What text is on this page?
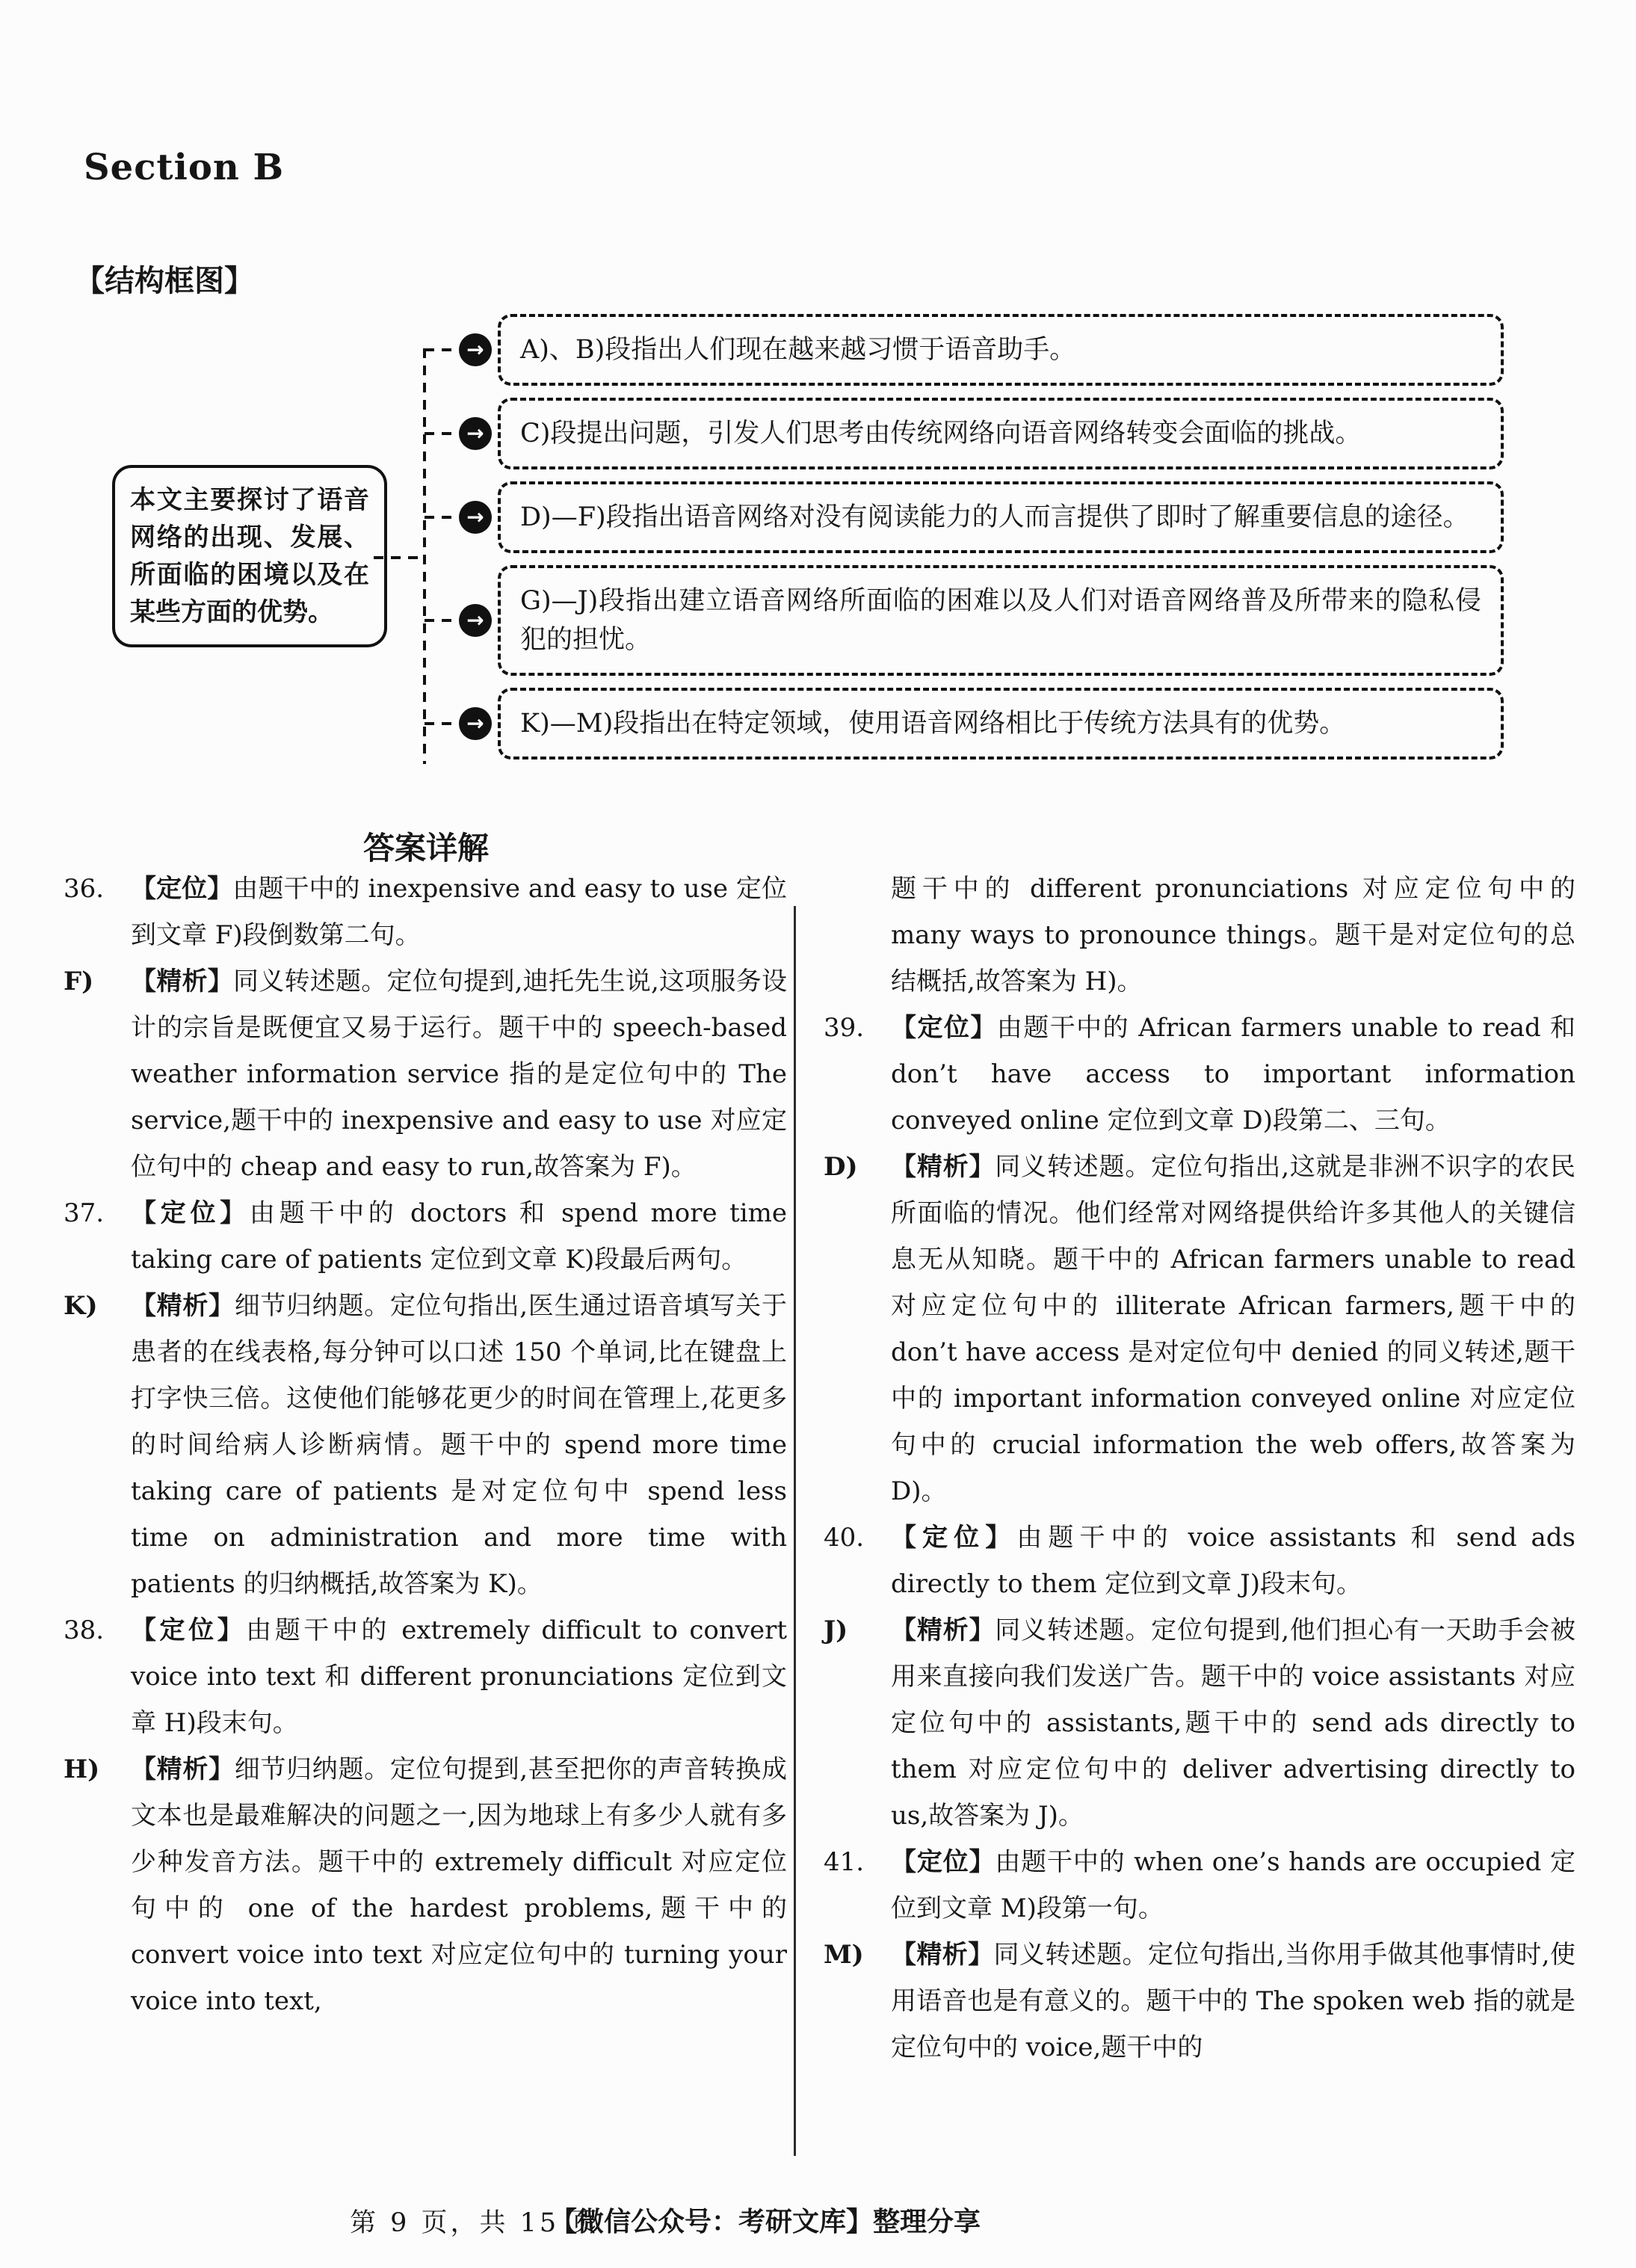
Section B
【结构框图】
本文主要探讨了语音网络的出现、发展、所面临的困境以及在某些方面的优势。
→	A)、B)段指出人们现在越来越习惯于语音助手。
→	C)段提出问题，引发人们思考由传统网络向语音网络转变会面临的挑战。
→	D)—F)段指出语音网络对没有阅读能力的人而言提供了即时了解重要信息的途径。
→
G)—J)段指出建立语音网络所面临的困难以及人们对语音网络普及所带来的隐私侵犯的担忧。
→	K)—M)段指出在特定领域，使用语音网络相比于传统方法具有的优势。
答案详解

36.	【定位】由题干中的 inexpensive and easy to use 定位到文章 F)段倒数第二句。

F)	【精析】同义转述题。定位句提到,迪托先生说,这项服务设计的宗旨是既便宜又易于运行。题干中的 speech-based weather information service 指的是定位句中的 The service,题干中的 inexpensive and easy to use 对应定位句中的 cheap and easy to run,故答案为 F)。

37.	【定位】由题干中的 doctors 和 spend more time taking care of patients 定位到文章 K)段最后两句。

K)	【精析】细节归纳题。定位句指出,医生通过语音填写关于患者的在线表格,每分钟可以口述 150 个单词,比在键盘上打字快三倍。这使他们能够花更少的时间在管理上,花更多的时间给病人诊断病情。题干中的 spend more time taking care of patients 是对定位句中 spend less time on administration and more time with patients 的归纳概括,故答案为 K)。

38.	【定位】由题干中的 extremely difficult to convert voice into text 和 different pronunciations 定位到文章 H)段末句。

H)	【精析】细节归纳题。定位句提到,甚至把你的声音转换成文本也是最难解决的问题之一,因为地球上有多少人就有多少种发音方法。题干中的 extremely difficult 对应定位句中的 one of the hardest problems,题干中的 convert voice into text 对应定位句中的 turning your voice into text,

题干中的 different pronunciations 对应定位句中的 many ways to pronounce things。题干是对定位句的总结概括,故答案为 H)。

39.	【定位】由题干中的 African farmers unable to read 和 don’t have access to important information conveyed online 定位到文章 D)段第二、三句。

D)	【精析】同义转述题。定位句指出,这就是非洲不识字的农民所面临的情况。他们经常对网络提供给许多其他人的关键信息无从知晓。题干中的 African farmers unable to read 对应定位句中的 illiterate African farmers,题干中的 don’t have access 是对定位句中 denied 的同义转述,题干中的 important information conveyed online 对应定位句中的 crucial information the web offers,故答案为 D)。

40.	【定位】由题干中的 voice assistants 和 send ads directly to them 定位到文章 J)段末句。

J)	【精析】同义转述题。定位句提到,他们担心有一天助手会被用来直接向我们发送广告。题干中的 voice assistants 对应定位句中的 assistants,题干中的 send ads directly to them 对应定位句中的 deliver advertising directly to us,故答案为 J)。

41.	【定位】由题干中的 when one’s hands are occupied 定位到文章 M)段第一句。

M)	【精析】同义转述题。定位句指出,当你用手做其他事情时,使用语音也是有意义的。题干中的 The spoken web 指的就是定位句中的 voice,题干中的

第 9 页，共 15 页
【微信公众号：考研文库】整理分享
